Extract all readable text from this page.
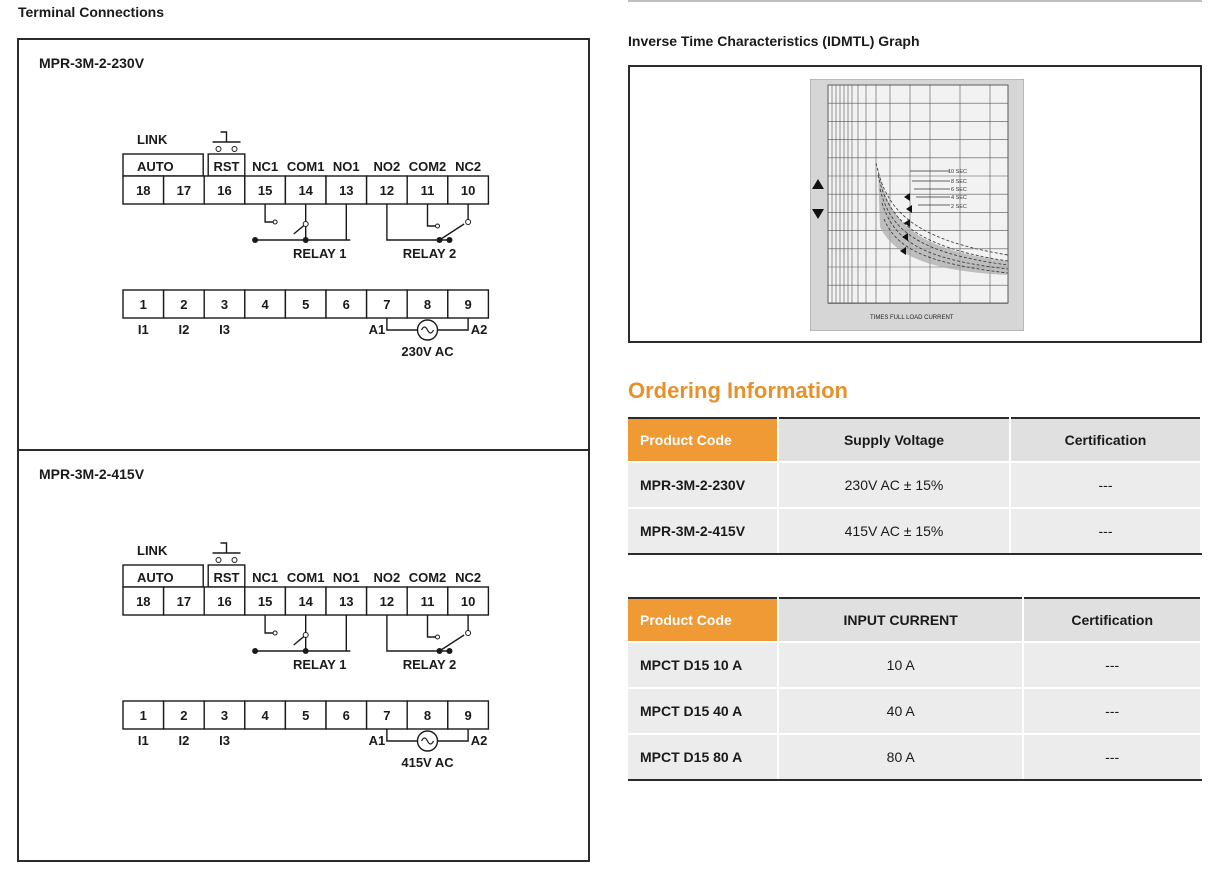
Terminal Connections
MPR-3M-2-230V
LINK
AUTO	RST NC1 COM1 NO1 NO2 COM2 NC2
18 17 16 15 14 13 12 11 10
RELAY 1	RELAY 2
1	2	3	4	5	6	7	8	9
I1 I2 I3	A1	A2
230V AC
MPR-3M-2-415V
LINK
AUTO	RST NC1 COM1 NO1 NO2 COM2 NC2
18 17 16 15 14 13 12 11 10
RELAY 1	RELAY 2
1	2	3	4	5	6	7	8	9
I1 I2 I3	A1	A2
415V AC
Inverse Time Characteristics (IDMTL) Graph
10 SEC
8 SEC
6 SEC
4 SEC
2 SEC
TIMES FULL LOAD CURRENT
Ordering Information
Product Code	Supply Voltage	Certification
MPR-3M-2-230V	230V AC ± 15%	---
MPR-3M-2-415V	415V AC ± 15%	---
Product Code	INPUT CURRENT	Certification
MPCT D15 10 A	10 A	---
MPCT D15 40 A	40 A	---
MPCT D15 80 A	80 A	---
